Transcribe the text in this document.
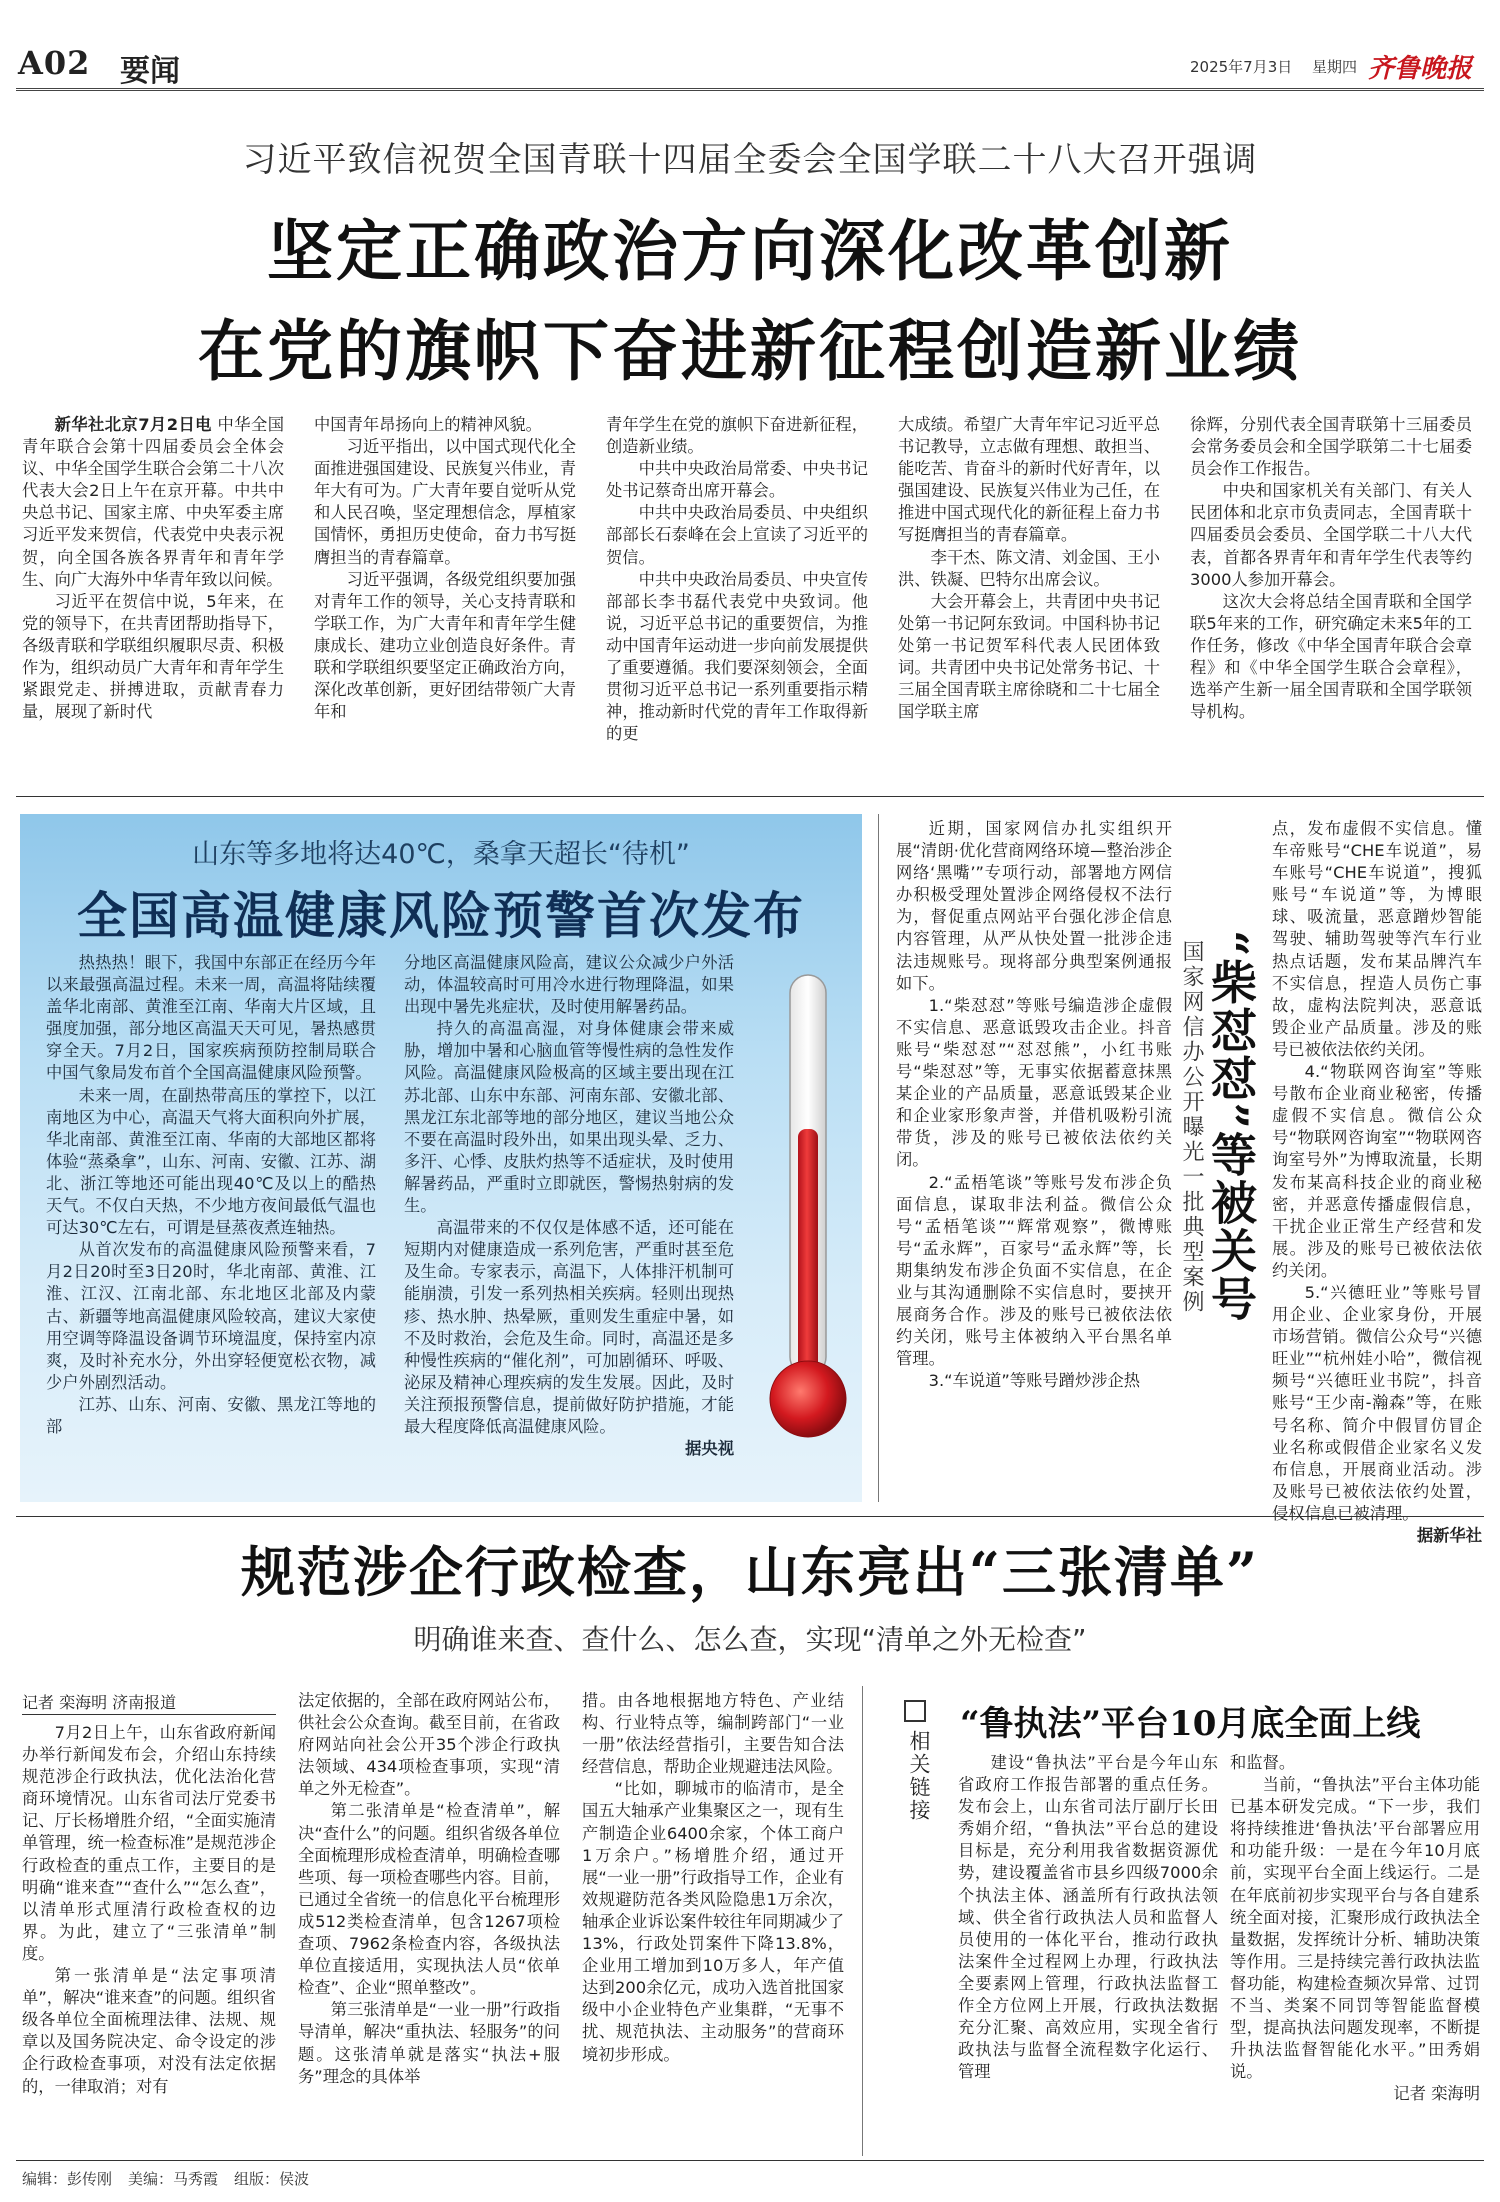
A02 要闻	2025年7月3日 星期四 齐鲁晚报
习近平致信祝贺全国青联十四届全委会全国学联二十八大召开强调
坚定正确政治方向深化改革创新
在党的旗帜下奋进新征程创造新业绩

新华社北京7月2日电 中华全国青年联合会第十四届委员会全体会议、中华全国学生联合会第二十八次代表大会2日上午在京开幕。中共中央总书记、国家主席、中央军委主席习近平发来贺信，代表党中央表示祝贺，向全国各族各界青年和青年学生、向广大海外中华青年致以问候。

习近平在贺信中说，5年来，在党的领导下，在共青团帮助指导下，各级青联和学联组织履职尽责、积极作为，组织动员广大青年和青年学生紧跟党走、拼搏进取，贡献青春力量，展现了新时代

中国青年昂扬向上的精神风貌。

习近平指出，以中国式现代化全面推进强国建设、民族复兴伟业，青年大有可为。广大青年要自觉听从党和人民召唤，坚定理想信念，厚植家国情怀，勇担历史使命，奋力书写挺膺担当的青春篇章。

习近平强调，各级党组织要加强对青年工作的领导，关心支持青联和学联工作，为广大青年和青年学生健康成长、建功立业创造良好条件。青联和学联组织要坚定正确政治方向，深化改革创新，更好团结带领广大青年和

青年学生在党的旗帜下奋进新征程，创造新业绩。

中共中央政治局常委、中央书记处书记蔡奇出席开幕会。

中共中央政治局委员、中央组织部部长石泰峰在会上宣读了习近平的贺信。

中共中央政治局委员、中央宣传部部长李书磊代表党中央致词。他说，习近平总书记的重要贺信，为推动中国青年运动进一步向前发展提供了重要遵循。我们要深刻领会，全面贯彻习近平总书记一系列重要指示精神，推动新时代党的青年工作取得新的更

大成绩。希望广大青年牢记习近平总书记教导，立志做有理想、敢担当、能吃苦、肯奋斗的新时代好青年，以强国建设、民族复兴伟业为己任，在推进中国式现代化的新征程上奋力书写挺膺担当的青春篇章。

李干杰、陈文清、刘金国、王小洪、铁凝、巴特尔出席会议。

大会开幕会上，共青团中央书记处第一书记阿东致词。中国科协书记处第一书记贺军科代表人民团体致词。共青团中央书记处常务书记、十三届全国青联主席徐晓和二十七届全国学联主席

徐辉，分别代表全国青联第十三届委员会常务委员会和全国学联第二十七届委员会作工作报告。

中央和国家机关有关部门、有关人民团体和北京市负责同志，全国青联十四届委员会委员、全国学联二十八大代表，首都各界青年和青年学生代表等约3000人参加开幕会。

这次大会将总结全国青联和全国学联5年来的工作，研究确定未来5年的工作任务，修改《中华全国青年联合会章程》和《中华全国学生联合会章程》，选举产生新一届全国青联和全国学联领导机构。

山东等多地将达40℃，桑拿天超长“待机”
全国高温健康风险预警首次发布

热热热！眼下，我国中东部正在经历今年以来最强高温过程。未来一周，高温将陆续覆盖华北南部、黄淮至江南、华南大片区域，且强度加强，部分地区高温天天可见，暑热感贯穿全天。7月2日，国家疾病预防控制局联合中国气象局发布首个全国高温健康风险预警。

未来一周，在副热带高压的掌控下，以江南地区为中心，高温天气将大面积向外扩展，华北南部、黄淮至江南、华南的大部地区都将体验“蒸桑拿”，山东、河南、安徽、江苏、湖北、浙江等地还可能出现40℃及以上的酷热天气。不仅白天热，不少地方夜间最低气温也可达30℃左右，可谓是昼蒸夜煮连轴热。

从首次发布的高温健康风险预警来看，7月2日20时至3日20时，华北南部、黄淮、江淮、江汉、江南北部、东北地区北部及内蒙古、新疆等地高温健康风险较高，建议大家使用空调等降温设备调节环境温度，保持室内凉爽，及时补充水分，外出穿轻便宽松衣物，减少户外剧烈活动。

江苏、山东、河南、安徽、黑龙江等地的部

分地区高温健康风险高，建议公众减少户外活动，体温较高时可用冷水进行物理降温，如果出现中暑先兆症状，及时使用解暑药品。

持久的高温高湿，对身体健康会带来威胁，增加中暑和心脑血管等慢性病的急性发作风险。高温健康风险极高的区域主要出现在江苏北部、山东中东部、河南东部、安徽北部、黑龙江东北部等地的部分地区，建议当地公众不要在高温时段外出，如果出现头晕、乏力、多汗、心悸、皮肤灼热等不适症状，及时使用解暑药品，严重时立即就医，警惕热射病的发生。

高温带来的不仅仅是体感不适，还可能在短期内对健康造成一系列危害，严重时甚至危及生命。专家表示，高温下，人体排汗机制可能崩溃，引发一系列热相关疾病。轻则出现热疹、热水肿、热晕厥，重则发生重症中暑，如不及时救治，会危及生命。同时，高温还是多种慢性疾病的“催化剂”，可加剧循环、呼吸、泌尿及精神心理疾病的发生发展。因此，及时关注预报预警信息，提前做好防护措施，才能最大程度降低高温健康风险。

据央视

近期，国家网信办扎实组织开展“清朗·优化营商网络环境—整治涉企网络‘黑嘴’”专项行动，部署地方网信办积极受理处置涉企网络侵权不法行为，督促重点网站平台强化涉企信息内容管理，从严从快处置一批涉企违法违规账号。现将部分典型案例通报如下。

1.“柴怼怼”等账号编造涉企虚假不实信息、恶意诋毁攻击企业。抖音账号“柴怼怼”“怼怼熊”，小红书账号“柴怼怼”等，无事实依据蓄意抹黑某企业的产品质量，恶意诋毁某企业和企业家形象声誉，并借机吸粉引流带货，涉及的账号已被依法依约关闭。

2.“孟梧笔谈”等账号发布涉企负面信息，谋取非法利益。微信公众号“孟梧笔谈”“辉常观察”，微博账号“孟永辉”，百家号“孟永辉”等，长期集纳发布涉企负面不实信息，在企业与其沟通删除不实信息时，要挟开展商务合作。涉及的账号已被依法依约关闭，账号主体被纳入平台黑名单管理。

3.“车说道”等账号蹭炒涉企热

国家网信办公开曝光一批典型案例 “柴怼怼”等被关号

点，发布虚假不实信息。懂车帝账号“CHE车说道”，易车账号“CHE车说道”，搜狐账号“车说道”等，为博眼球、吸流量，恶意蹭炒智能驾驶、辅助驾驶等汽车行业热点话题，发布某品牌汽车不实信息，捏造人员伤亡事故，虚构法院判决，恶意诋毁企业产品质量。涉及的账号已被依法依约关闭。

4.“物联网咨询室”等账号散布企业商业秘密，传播虚假不实信息。微信公众号“物联网咨询室”“物联网咨询室号外”为博取流量，长期发布某高科技企业的商业秘密，并恶意传播虚假信息，干扰企业正常生产经营和发展。涉及的账号已被依法依约关闭。

5.“兴德旺业”等账号冒用企业、企业家身份，开展市场营销。微信公众号“兴德旺业”“杭州娃小哈”，微信视频号“兴德旺业书院”，抖音账号“王少南-瀚森”等，在账号名称、简介中假冒仿冒企业名称或假借企业家名义发布信息，开展商业活动。涉及账号已被依法依约处置，侵权信息已被清理。

据新华社

规范涉企行政检查，山东亮出“三张清单”
明确谁来查、查什么、怎么查，实现“清单之外无检查”
记者 栾海明 济南报道

7月2日上午，山东省政府新闻办举行新闻发布会，介绍山东持续规范涉企行政执法，优化法治化营商环境情况。山东省司法厅党委书记、厅长杨增胜介绍，“全面实施清单管理，统一检查标准”是规范涉企行政检查的重点工作，主要目的是明确“谁来查”“查什么”“怎么查”，以清单形式厘清行政检查权的边界。为此，建立了“三张清单”制度。

第一张清单是“法定事项清单”，解决“谁来查”的问题。组织省级各单位全面梳理法律、法规、规章以及国务院决定、命令设定的涉企行政检查事项，对没有法定依据的，一律取消；对有

法定依据的，全部在政府网站公布，供社会公众查询。截至目前，在省政府网站向社会公开35个涉企行政执法领域、434项检查事项，实现“清单之外无检查”。

第二张清单是“检查清单”，解决“查什么”的问题。组织省级各单位全面梳理形成检查清单，明确检查哪些项、每一项检查哪些内容。目前，已通过全省统一的信息化平台梳理形成512类检查清单，包含1267项检查项、7962条检查内容，各级执法单位直接适用，实现执法人员“依单检查”、企业“照单整改”。

第三张清单是“一业一册”行政指导清单，解决“重执法、轻服务”的问题。这张清单就是落实“执法+服务”理念的具体举

措。由各地根据地方特色、产业结构、行业特点等，编制跨部门“一业一册”依法经营指引，主要告知合法经营信息，帮助企业规避违法风险。

“比如，聊城市的临清市，是全国五大轴承产业集聚区之一，现有生产制造企业6400余家，个体工商户1万余户。”杨增胜介绍，通过开展“一业一册”行政指导工作，企业有效规避防范各类风险隐患1万余次，轴承企业诉讼案件较往年同期减少了13%，行政处罚案件下降13.8%，企业用工增加到10万多人，年产值达到200余亿元，成功入选首批国家级中小企业特色产业集群，“无事不扰、规范执法、主动服务”的营商环境初步形成。

相关链接
“鲁执法”平台10月底全面上线

建设“鲁执法”平台是今年山东省政府工作报告部署的重点任务。发布会上，山东省司法厅副厅长田秀娟介绍，“鲁执法”平台总的建设目标是，充分利用我省数据资源优势，建设覆盖省市县乡四级7000余个执法主体、涵盖所有行政执法领域、供全省行政执法人员和监督人员使用的一体化平台，推动行政执法案件全过程网上办理，行政执法全要素网上管理，行政执法监督工作全方位网上开展，行政执法数据充分汇聚、高效应用，实现全省行政执法与监督全流程数字化运行、管理

和监督。

当前，“鲁执法”平台主体功能已基本研发完成。“下一步，我们将持续推进‘鲁执法’平台部署应用和功能升级：一是在今年10月底前，实现平台全面上线运行。二是在年底前初步实现平台与各自建系统全面对接，汇聚形成行政执法全量数据，发挥统计分析、辅助决策等作用。三是持续完善行政执法监督功能，构建检查频次异常、过罚不当、类案不同罚等智能监督模型，提高执法问题发现率，不断提升执法监督智能化水平。”田秀娟说。

记者 栾海明

编辑：彭传刚 美编：马秀霞 组版：侯波
